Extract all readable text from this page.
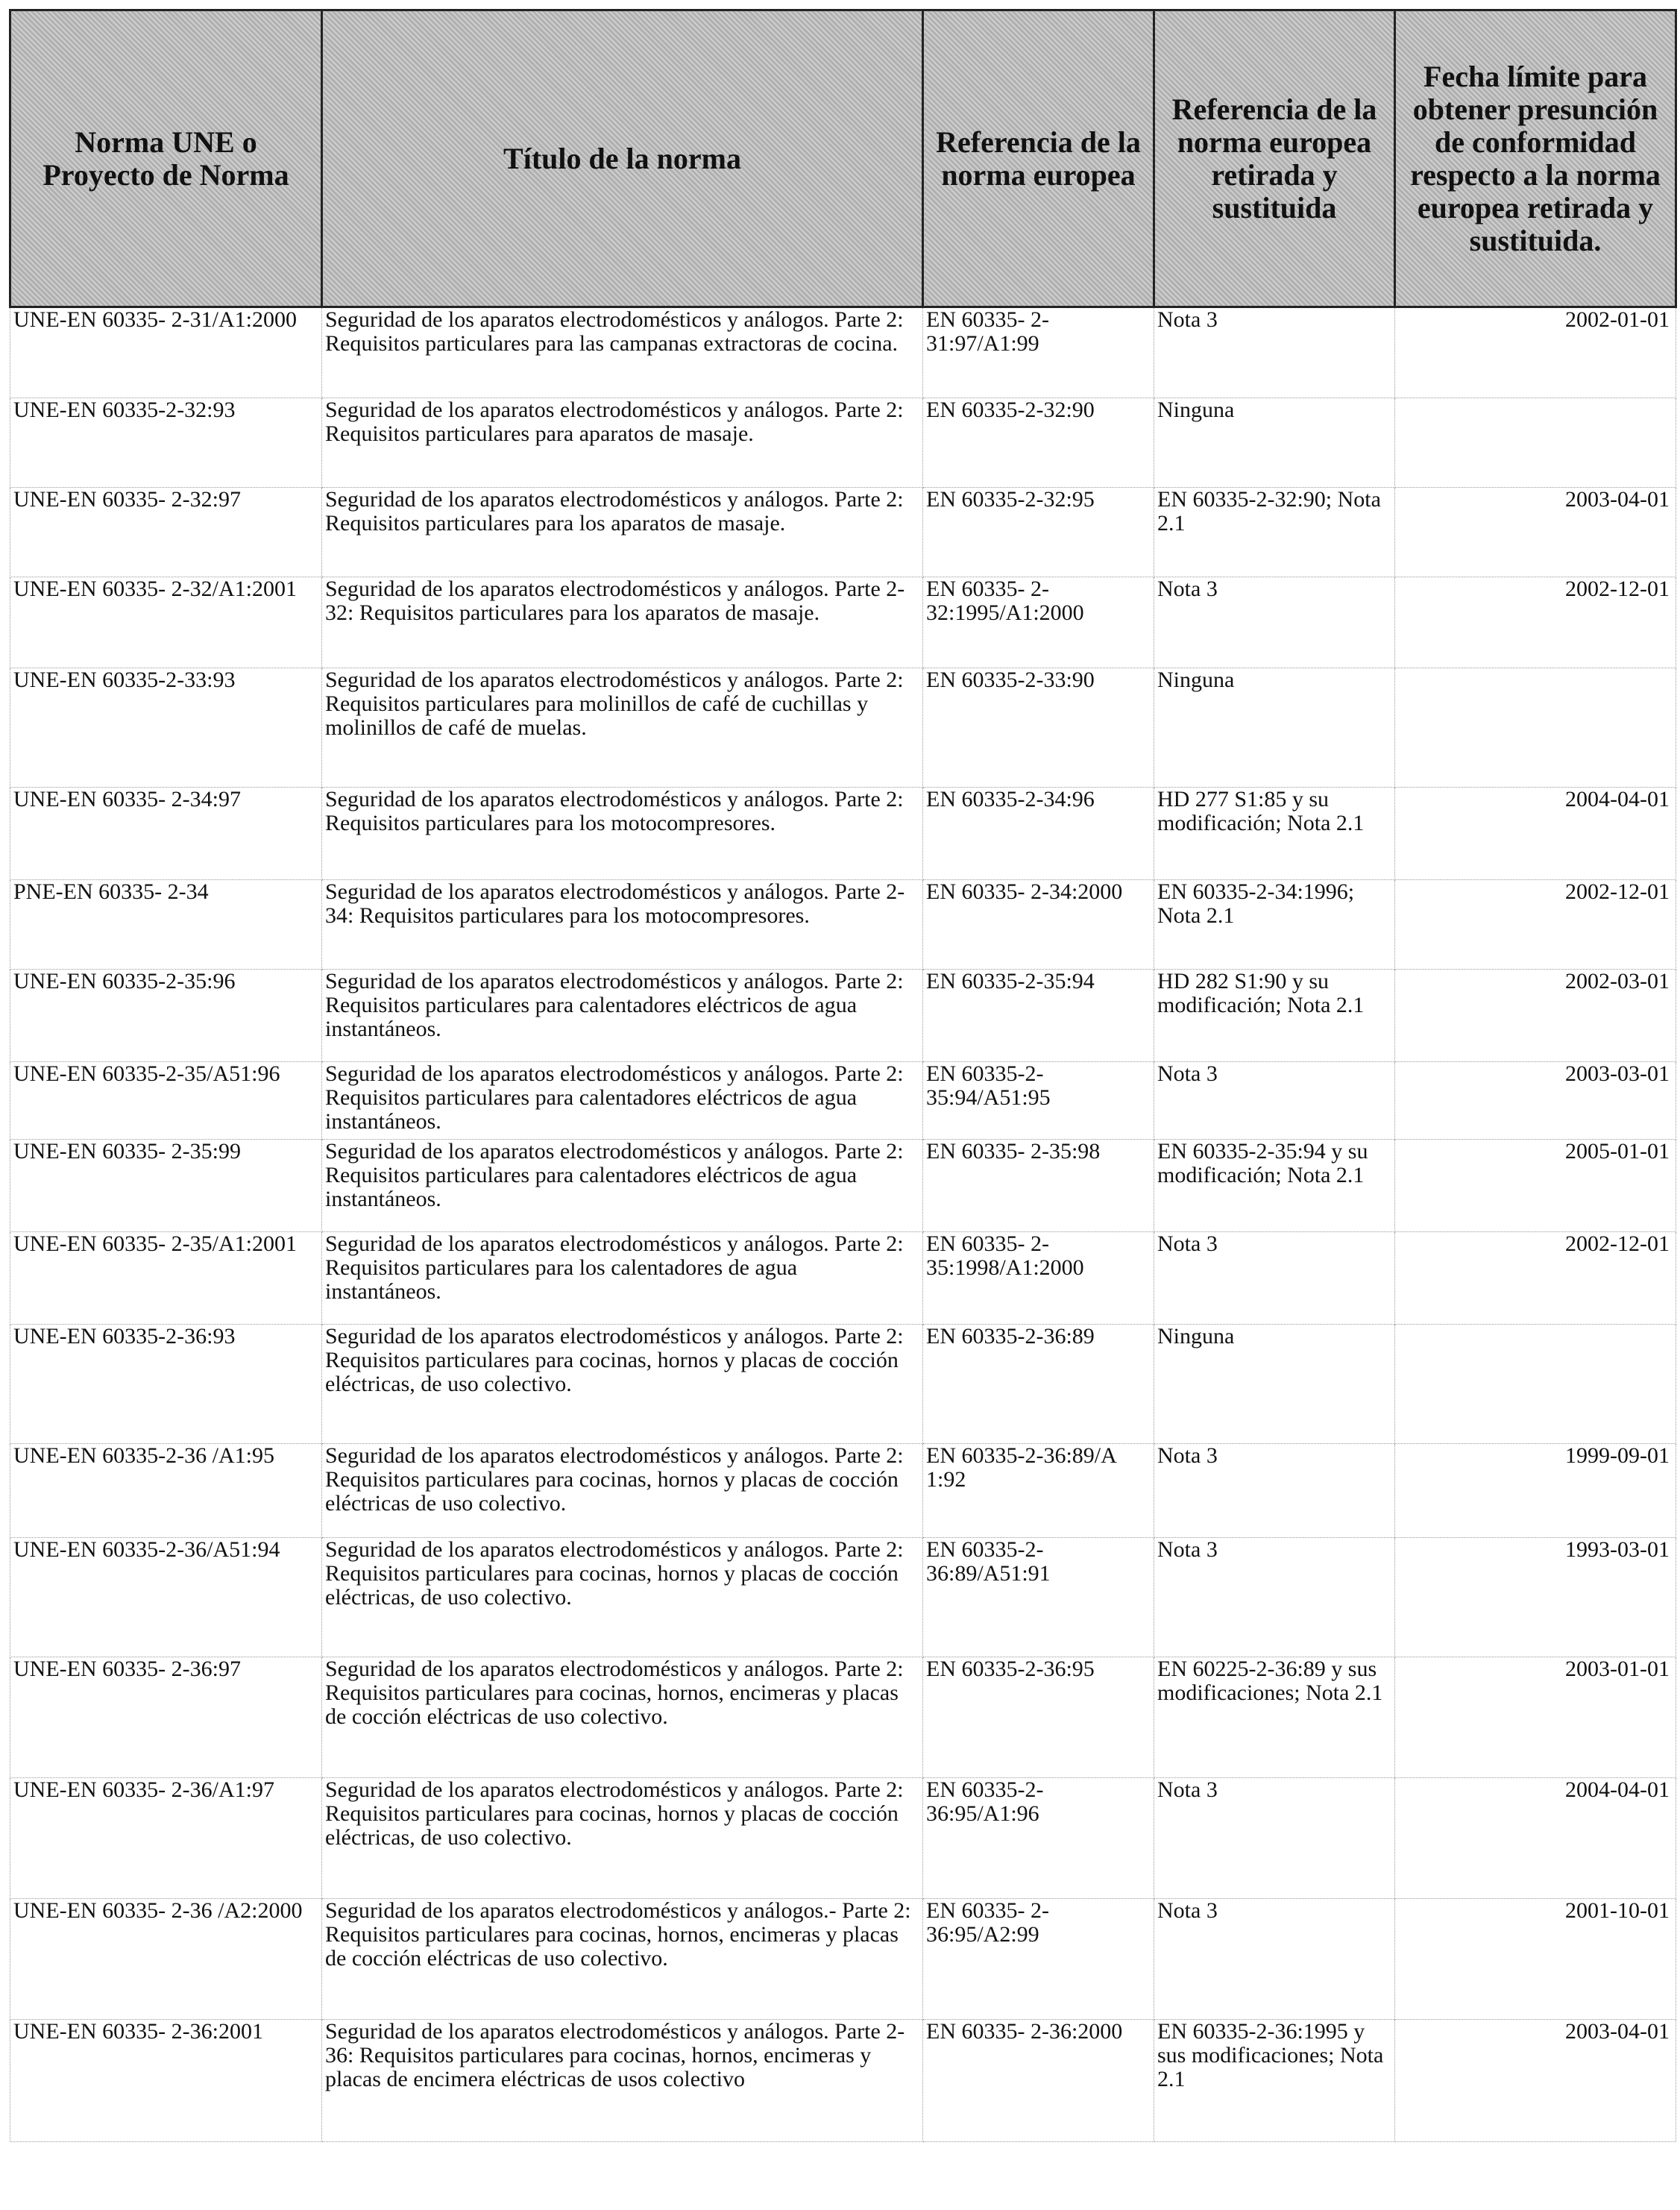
Norma UNE o Proyecto de Norma	Título de la norma	Referencia de la norma europea	Referencia de la norma europea retirada y sustituida	Fecha límite para obtener presunción de conformidad respecto a la norma europea retirada y sustituida.
UNE-EN 60335- 2-31/A1:2000	Seguridad de los aparatos electrodomésticos y análogos. Parte 2: Requisitos particulares para las campanas extractoras de cocina.	EN 60335- 2-31:97/A1:99	Nota 3	2002-01-01
UNE-EN 60335-2-32:93	Seguridad de los aparatos electrodomésticos y análogos. Parte 2: Requisitos particulares para aparatos de masaje.	EN 60335-2-32:90	Ninguna	
UNE-EN 60335- 2-32:97	Seguridad de los aparatos electrodomésticos y análogos. Parte 2: Requisitos particulares para los aparatos de masaje.	EN 60335-2-32:95	EN 60335-2-32:90; Nota 2.1	2003-04-01
UNE-EN 60335- 2-32/A1:2001	Seguridad de los aparatos electrodomésticos y análogos. Parte 2-32: Requisitos particulares para los aparatos de masaje.	EN 60335- 2-32:1995/A1:2000	Nota 3	2002-12-01
UNE-EN 60335-2-33:93	Seguridad de los aparatos electrodomésticos y análogos. Parte 2: Requisitos particulares para molinillos de café de cuchillas y molinillos de café de muelas.	EN 60335-2-33:90	Ninguna	
UNE-EN 60335- 2-34:97	Seguridad de los aparatos electrodomésticos y análogos. Parte 2: Requisitos particulares para los motocompresores.	EN 60335-2-34:96	HD 277 S1:85 y su modificación; Nota 2.1	2004-04-01
PNE-EN 60335- 2-34	Seguridad de los aparatos electrodomésticos y análogos. Parte 2-34: Requisitos particulares para los motocompresores.	EN 60335- 2-34:2000	EN 60335-2-34:1996; Nota 2.1	2002-12-01
UNE-EN 60335-2-35:96	Seguridad de los aparatos electrodomésticos y análogos. Parte 2: Requisitos particulares para calentadores eléctricos de agua instantáneos.	EN 60335-2-35:94	HD 282 S1:90 y su modificación; Nota 2.1	2002-03-01
UNE-EN 60335-2-35/A51:96	Seguridad de los aparatos electrodomésticos y análogos. Parte 2: Requisitos particulares para calentadores eléctricos de agua instantáneos.	EN 60335-2-35:94/A51:95	Nota 3	2003-03-01
UNE-EN 60335- 2-35:99	Seguridad de los aparatos electrodomésticos y análogos. Parte 2: Requisitos particulares para calentadores eléctricos de agua instantáneos.	EN 60335- 2-35:98	EN 60335-2-35:94 y su modificación; Nota 2.1	2005-01-01
UNE-EN 60335- 2-35/A1:2001	Seguridad de los aparatos electrodomésticos y análogos. Parte 2: Requisitos particulares para los calentadores de agua instantáneos.	EN 60335- 2-35:1998/A1:2000	Nota 3	2002-12-01
UNE-EN 60335-2-36:93	Seguridad de los aparatos electrodomésticos y análogos. Parte 2: Requisitos particulares para cocinas, hornos y placas de cocción eléctricas, de uso colectivo.	EN 60335-2-36:89	Ninguna	
UNE-EN 60335-2-36 /A1:95	Seguridad de los aparatos electrodomésticos y análogos. Parte 2: Requisitos particulares para cocinas, hornos y placas de cocción eléctricas de uso colectivo.	EN 60335-2-36:89/A 1:92	Nota 3	1999-09-01
UNE-EN 60335-2-36/A51:94	Seguridad de los aparatos electrodomésticos y análogos. Parte 2: Requisitos particulares para cocinas, hornos y placas de cocción eléctricas, de uso colectivo.	EN 60335-2-36:89/A51:91	Nota 3	1993-03-01
UNE-EN 60335- 2-36:97	Seguridad de los aparatos electrodomésticos y análogos. Parte 2: Requisitos particulares para cocinas, hornos, encimeras y placas de cocción eléctricas de uso colectivo.	EN 60335-2-36:95	EN 60225-2-36:89 y sus modificaciones; Nota 2.1	2003-01-01
UNE-EN 60335- 2-36/A1:97	Seguridad de los aparatos electrodomésticos y análogos. Parte 2: Requisitos particulares para cocinas, hornos y placas de cocción eléctricas, de uso colectivo.	EN 60335-2-36:95/A1:96	Nota 3	2004-04-01
UNE-EN 60335- 2-36 /A2:2000	Seguridad de los aparatos electrodomésticos y análogos.- Parte 2: Requisitos particulares para cocinas, hornos, encimeras y placas de cocción eléctricas de uso colectivo.	EN 60335- 2-36:95/A2:99	Nota 3	2001-10-01
UNE-EN 60335- 2-36:2001	Seguridad de los aparatos electrodomésticos y análogos. Parte 2-36: Requisitos particulares para cocinas, hornos, encimeras y placas de encimera eléctricas de usos colectivo	EN 60335- 2-36:2000	EN 60335-2-36:1995 y sus modificaciones; Nota 2.1	2003-04-01
